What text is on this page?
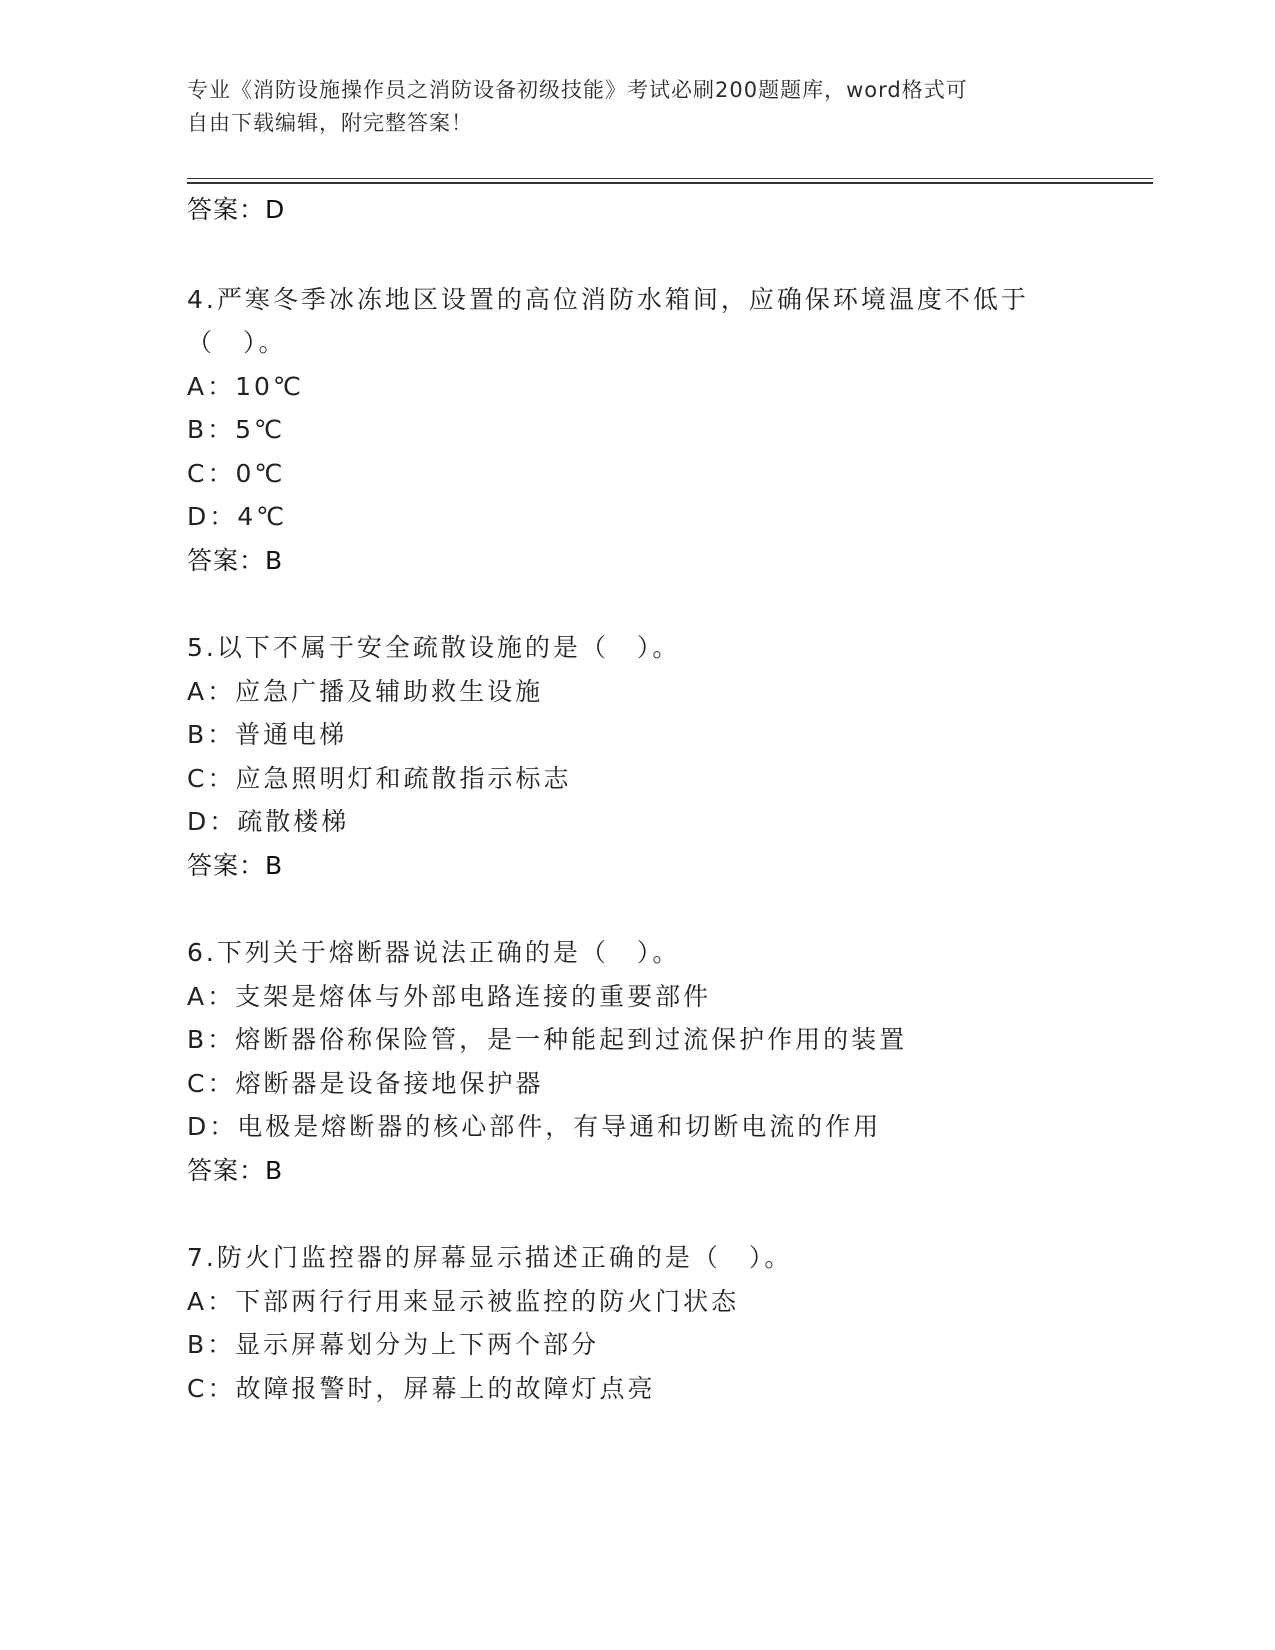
专业《消防设施操作员之消防设备初级技能》考试必刷200题题库，word格式可
自由下载编辑，附完整答案！
答案：D
4.严寒冬季冰冻地区设置的高位消防水箱间，应确保环境温度不低于
（　）。
A：10℃
B：5℃
C：0℃
D：4℃
答案：B
5.以下不属于安全疏散设施的是（　）。
A：应急广播及辅助救生设施
B：普通电梯
C：应急照明灯和疏散指示标志
D：疏散楼梯
答案：B
6.下列关于熔断器说法正确的是（　）。
A：支架是熔体与外部电路连接的重要部件
B：熔断器俗称保险管，是一种能起到过流保护作用的装置
C：熔断器是设备接地保护器
D：电极是熔断器的核心部件，有导通和切断电流的作用
答案：B
7.防火门监控器的屏幕显示描述正确的是（　）。
A：下部两行行用来显示被监控的防火门状态
B：显示屏幕划分为上下两个部分
C：故障报警时，屏幕上的故障灯点亮
